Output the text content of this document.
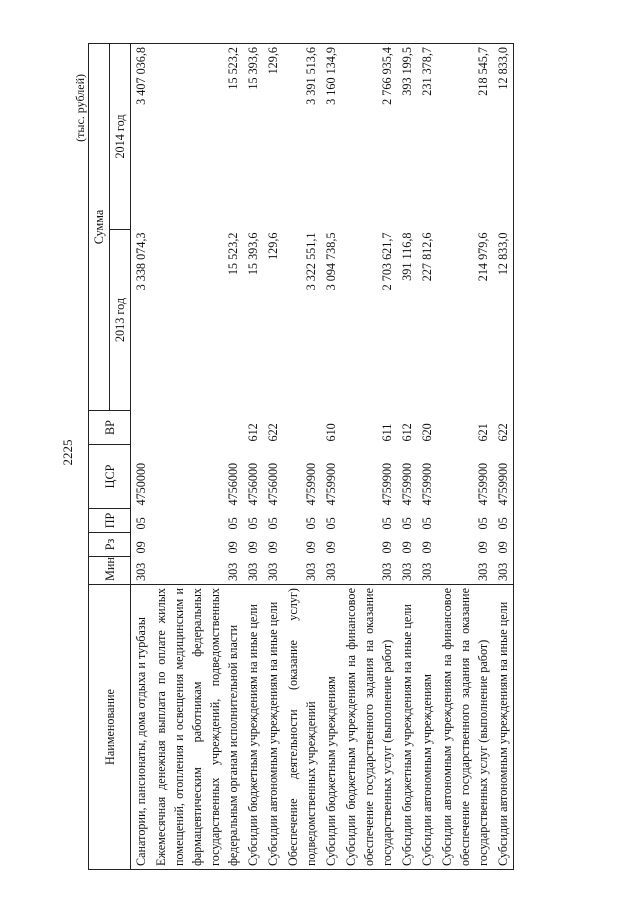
2225
(тыс. рублей)
Наименование	Мин	Рз	ПР	ЦСР	ВР	Сумма	
						2013 год	2014 год
Санатории, пансионаты, дома отдыха и турбазы	303	09	05	4750000		3 338 074,3	3 407 036,8
Ежемесячная денежная выплата по оплате жилых помещений, отопления и освещения медицинским и фармацевтическим работникам федеральных государственных учреждений, подведомственных федеральным органам исполнительной власти	303	09	05	4756000		15 523,2	15 523,2
Субсидии бюджетным учреждениям на иные цели	303	09	05	4756000	612	15 393,6	15 393,6
Субсидии автономным учреждениям на иные цели	303	09	05	4756000	622	129,6	129,6
Обеспечение деятельности (оказание услуг) подведомственных учреждений	303	09	05	4759900		3 322 551,1	3 391 513,6
Субсидии бюджетным учреждениям	303	09	05	4759900	610	3 094 738,5	3 160 134,9
Субсидии бюджетным учреждениям на финансовое обеспечение государственного задания на оказание государственных услуг (выполнение работ)	303	09	05	4759900	611	2 703 621,7	2 766 935,4
Субсидии бюджетным учреждениям на иные цели	303	09	05	4759900	612	391 116,8	393 199,5
Субсидии автономным учреждениям	303	09	05	4759900	620	227 812,6	231 378,7
Субсидии автономным учреждениям на финансовое обеспечение государственного задания на оказание государственных услуг (выполнение работ)	303	09	05	4759900	621	214 979,6	218 545,7
Субсидии автономным учреждениям на иные цели	303	09	05	4759900	622	12 833,0	12 833,0
